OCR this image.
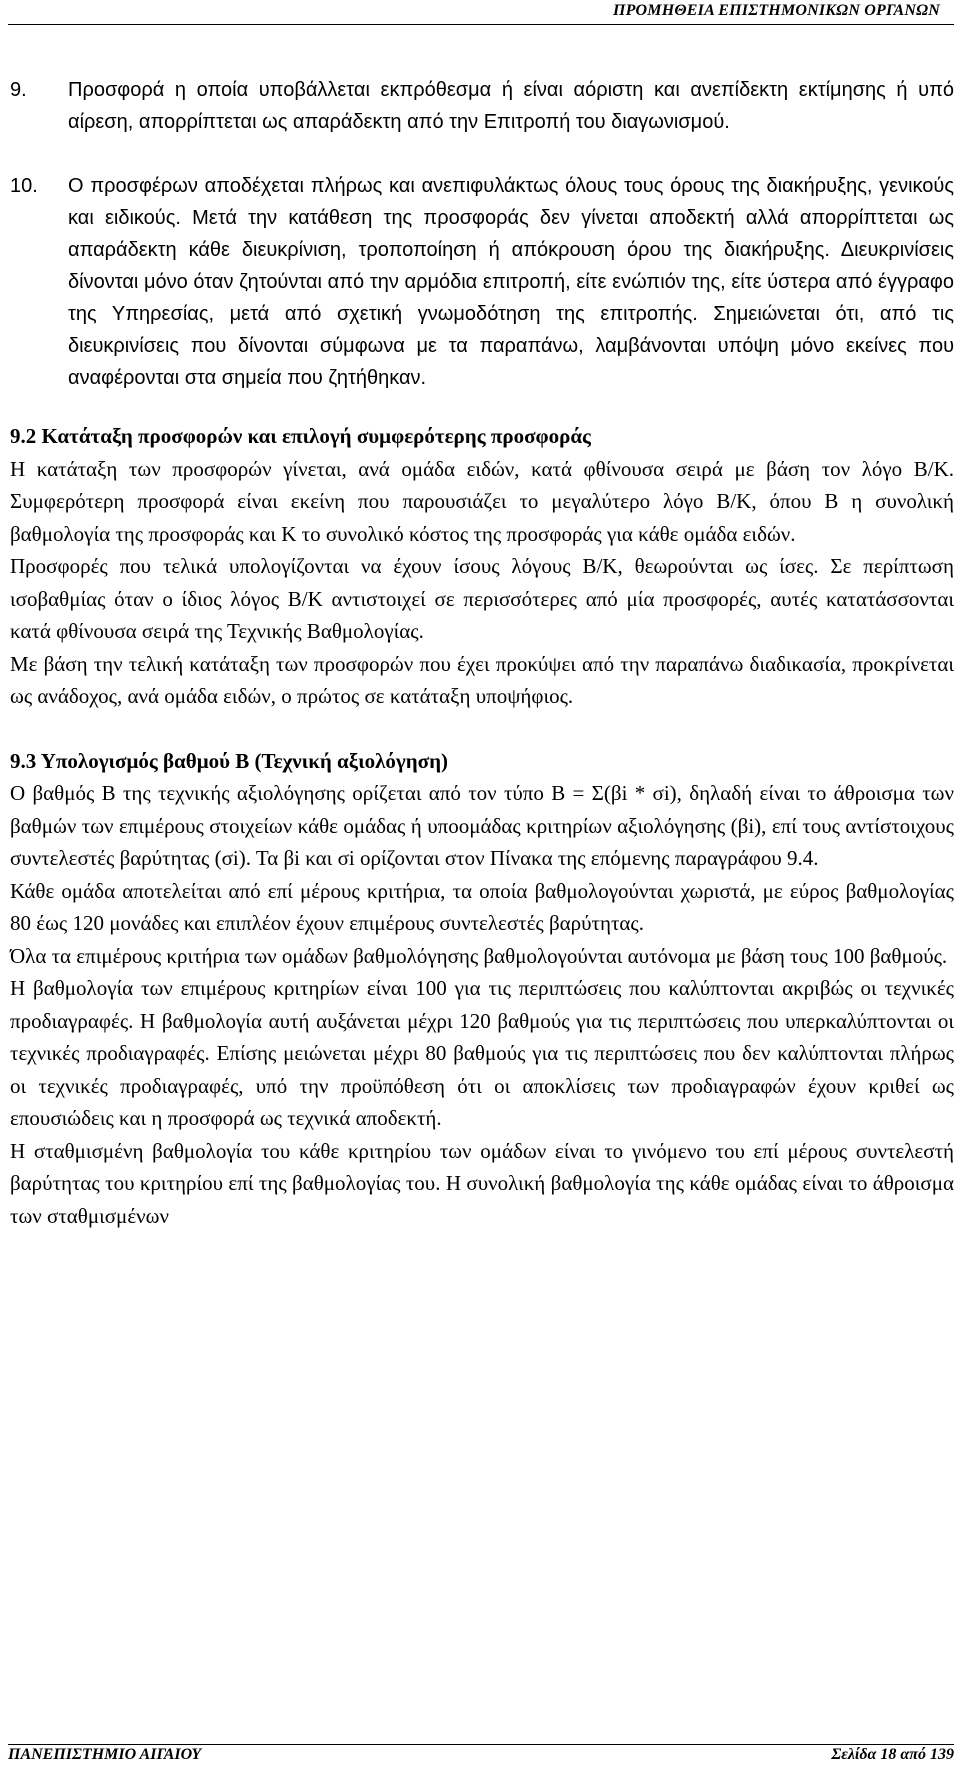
ΠΡΟΜΗΘΕΙΑ ΕΠΙΣΤΗΜΟΝΙΚΩΝ ΟΡΓΑΝΩΝ
9. Προσφορά η οποία υποβάλλεται εκπρόθεσμα ή είναι αόριστη και ανεπίδεκτη εκτίμησης ή υπό αίρεση, απορρίπτεται ως απαράδεκτη από την Επιτροπή του διαγωνισμού.
10. Ο προσφέρων αποδέχεται πλήρως και ανεπιφυλάκτως όλους τους όρους της διακήρυξης, γενικούς και ειδικούς. Μετά την κατάθεση της προσφοράς δεν γίνεται αποδεκτή αλλά απορρίπτεται ως απαράδεκτη κάθε διευκρίνιση, τροποποίηση ή απόκρουση όρου της διακήρυξης. Διευκρινίσεις δίνονται μόνο όταν ζητούνται από την αρμόδια επιτροπή, είτε ενώπιόν της, είτε ύστερα από έγγραφο της Υπηρεσίας, μετά από σχετική γνωμοδότηση της επιτροπής. Σημειώνεται ότι, από τις διευκρινίσεις που δίνονται σύμφωνα με τα παραπάνω, λαμβάνονται υπόψη μόνο εκείνες που αναφέρονται στα σημεία που ζητήθηκαν.
9.2 Κατάταξη προσφορών και επιλογή συμφερότερης προσφοράς

Η κατάταξη των προσφορών γίνεται, ανά ομάδα ειδών, κατά φθίνουσα σειρά με βάση τον λόγο Β/Κ. Συμφερότερη προσφορά είναι εκείνη που παρουσιάζει το μεγαλύτερο λόγο Β/Κ, όπου Β η συνολική βαθμολογία της προσφοράς και Κ το συνολικό κόστος της προσφοράς για κάθε ομάδα ειδών.

Προσφορές που τελικά υπολογίζονται να έχουν ίσους λόγους Β/Κ, θεωρούνται ως ίσες. Σε περίπτωση ισοβαθμίας όταν ο ίδιος λόγος Β/Κ αντιστοιχεί σε περισσότερες από μία προσφορές, αυτές κατατάσσονται κατά φθίνουσα σειρά της Τεχνικής Βαθμολογίας.

Με βάση την τελική κατάταξη των προσφορών που έχει προκύψει από την παραπάνω διαδικασία, προκρίνεται ως ανάδοχος, ανά ομάδα ειδών, ο πρώτος σε κατάταξη υποψήφιος.

9.3 Υπολογισμός βαθμού Β (Τεχνική αξιολόγηση)

Ο βαθμός Β της τεχνικής αξιολόγησης ορίζεται από τον τύπο Β = Σ(βi * σi), δηλαδή είναι το άθροισμα των βαθμών των επιμέρους στοιχείων κάθε ομάδας ή υποομάδας κριτηρίων αξιολόγησης (βi), επί τους αντίστοιχους συντελεστές βαρύτητας (σi). Τα βi και σi ορίζονται στον Πίνακα της επόμενης παραγράφου 9.4.

Κάθε ομάδα αποτελείται από επί μέρους κριτήρια, τα οποία βαθμολογούνται χωριστά, με εύρος βαθμολογίας 80 έως 120 μονάδες και επιπλέον έχουν επιμέρους συντελεστές βαρύτητας.

Όλα τα επιμέρους κριτήρια των ομάδων βαθμολόγησης βαθμολογούνται αυτόνομα με βάση τους 100 βαθμούς.

Η βαθμολογία των επιμέρους κριτηρίων είναι 100 για τις περιπτώσεις που καλύπτονται ακριβώς οι τεχνικές προδιαγραφές. Η βαθμολογία αυτή αυξάνεται μέχρι 120 βαθμούς για τις περιπτώσεις που υπερκαλύπτονται οι τεχνικές προδιαγραφές. Επίσης μειώνεται μέχρι 80 βαθμούς για τις περιπτώσεις που δεν καλύπτονται πλήρως οι τεχνικές προδιαγραφές, υπό την προϋπόθεση ότι οι αποκλίσεις των προδιαγραφών έχουν κριθεί ως επουσιώδεις και η προσφορά ως τεχνικά αποδεκτή.

Η σταθμισμένη βαθμολογία του κάθε κριτηρίου των ομάδων είναι το γινόμενο του επί μέρους συντελεστή βαρύτητας του κριτηρίου επί της βαθμολογίας του. Η συνολική βαθμολογία της κάθε ομάδας είναι το άθροισμα των σταθμισμένων

ΠΑΝΕΠΙΣΤΗΜΙΟ ΑΙΓΑΙΟΥ	Σελίδα 18 από 139
